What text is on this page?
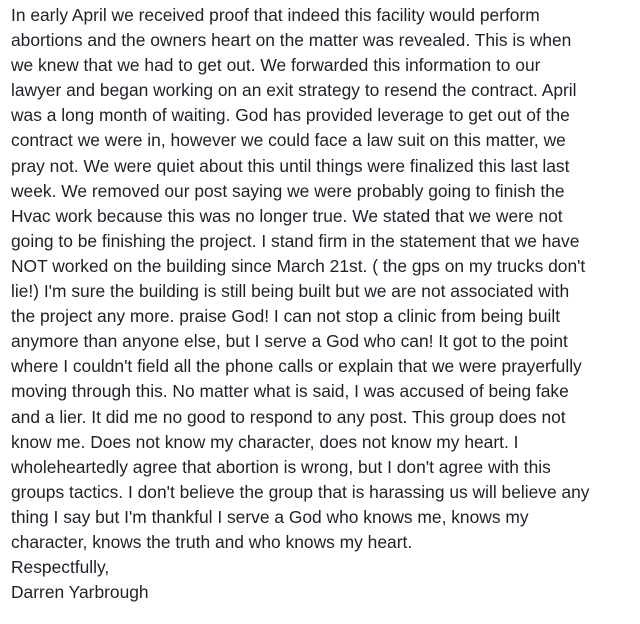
In early April we received proof that indeed this facility would perform
abortions and the owners heart on the matter was revealed. This is when
we knew that we had to get out. We forwarded this information to our
lawyer and began working on an exit strategy to resend the contract. April
was a long month of waiting. God has provided leverage to get out of the
contract we were in, however we could face a law suit on this matter, we
pray not. We were quiet about this until things were finalized this last last
week. We removed our post saying we were probably going to finish the
Hvac work because this was no longer true. We stated that we were not
going to be finishing the project. I stand firm in the statement that we have
NOT worked on the building since March 21st. ( the gps on my trucks don't
lie!) I'm sure the building is still being built but we are not associated with
the project any more. praise God! I can not stop a clinic from being built
anymore than anyone else, but I serve a God who can! It got to the point
where I couldn't field all the phone calls or explain that we were prayerfully
moving through this. No matter what is said, I was accused of being fake
and a lier. It did me no good to respond to any post. This group does not
know me. Does not know my character, does not know my heart. I
wholeheartedly agree that abortion is wrong, but I don't agree with this
groups tactics. I don't believe the group that is harassing us will believe any
thing I say but I'm thankful I serve a God who knows me, knows my
character, knows the truth and who knows my heart.
Respectfully,
Darren Yarbrough
